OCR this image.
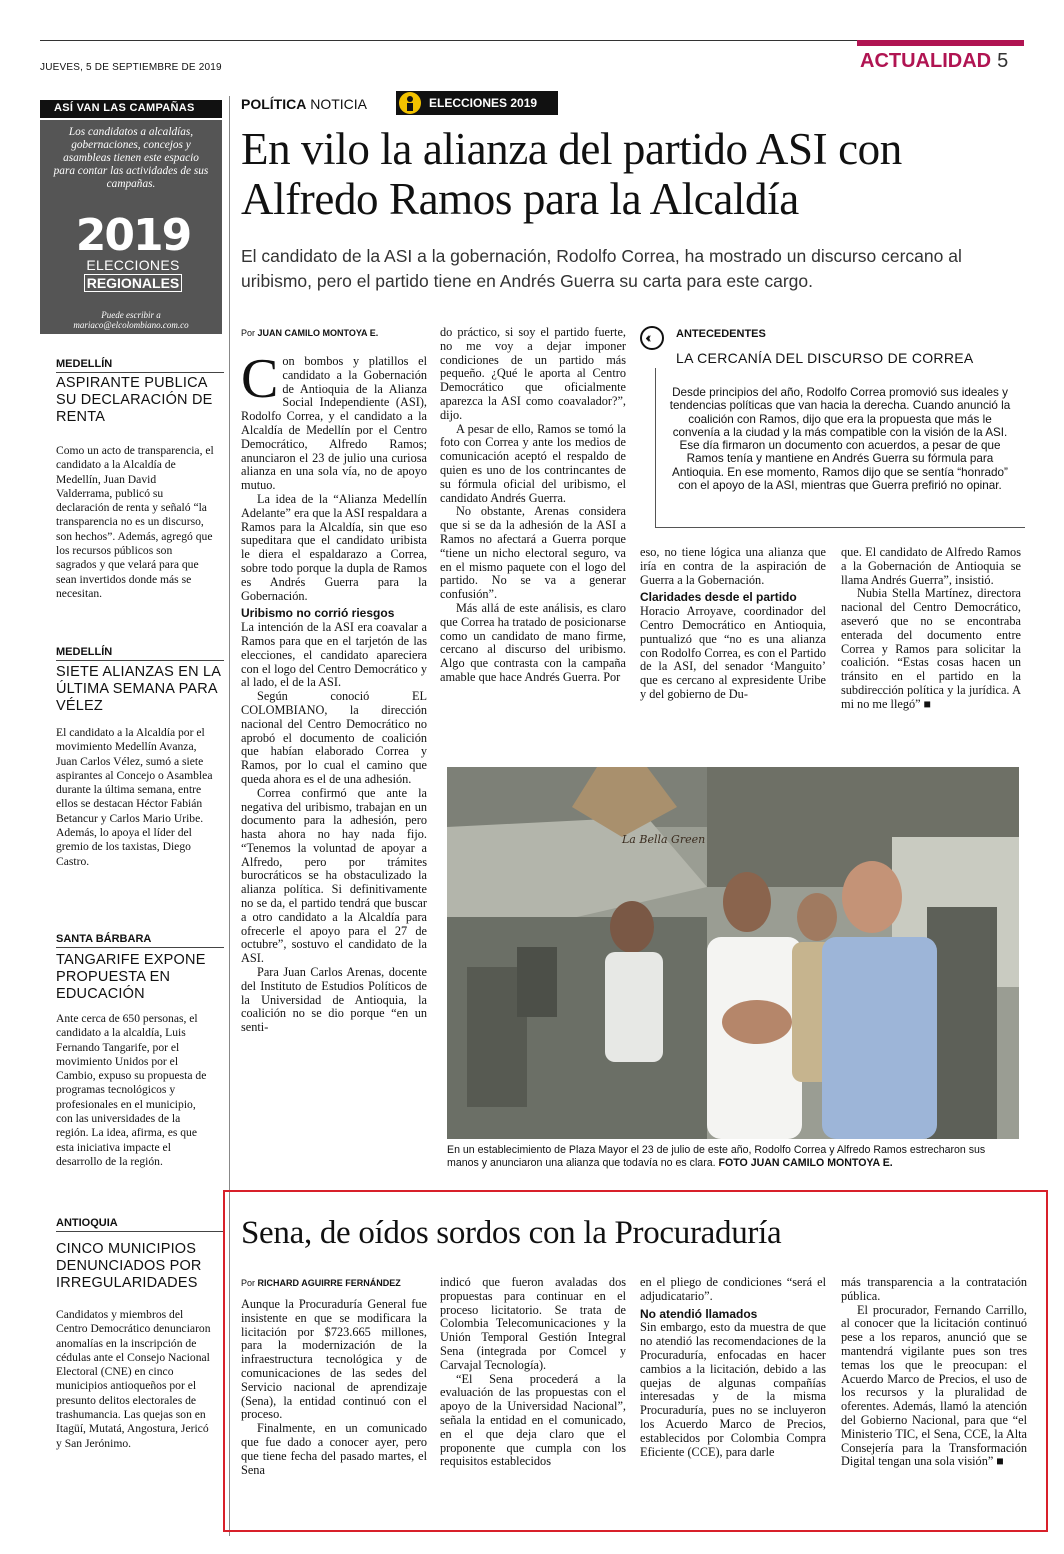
JUEVES, 5 DE SEPTIEMBRE DE 2019	ACTUALIDAD 5
ASÍ VAN LAS CAMPAÑAS
Los candidatos a alcaldías, gobernaciones, concejos y asambleas tienen este espacio para contar las actividades de sus campañas.
2019
ELECCIONES
REGIONALES
Puede escribir a
mariaco@elcolombiano.com.co
MEDELLÍN
ASPIRANTE PUBLICA SU DECLARACIÓN DE RENTA
Como un acto de transparencia, el candidato a la Alcaldía de Medellín, Juan David Valderrama, publicó su declaración de renta y señaló “la transparencia no es un discurso, son hechos”. Además, agregó que los recursos públicos son sagrados y que velará para que sean invertidos donde más se necesitan.
MEDELLÍN
SIETE ALIANZAS EN LA ÚLTIMA SEMANA PARA VÉLEZ
El candidato a la Alcaldía por el movimiento Medellín Avanza, Juan Carlos Vélez, sumó a siete aspirantes al Concejo o Asamblea durante la última semana, entre ellos se destacan Héctor Fabián Betancur y Carlos Mario Uribe. Además, lo apoya el líder del gremio de los taxistas, Diego Castro.
SANTA BÁRBARA
TANGARIFE EXPONE PROPUESTA EN EDUCACIÓN
Ante cerca de 650 personas, el candidato a la alcaldía, Luis Fernando Tangarife, por el movimiento Unidos por el Cambio, expuso su propuesta de programas tecnológicos y profesionales en el municipio, con las universidades de la región. La idea, afirma, es que esta iniciativa impacte el desarrollo de la región.
ANTIOQUIA
CINCO MUNICIPIOS DENUNCIADOS POR IRREGULARIDADES
Candidatos y miembros del Centro Democrático denunciaron anomalías en la inscripción de cédulas ante el Consejo Nacional Electoral (CNE) en cinco municipios antioqueños por el presunto delitos electorales de trashumancia. Las quejas son en Itagüí, Mutatá, Angostura, Jericó y San Jerónimo.
POLÍTICA NOTICIA	ELECCIONES 2019
En vilo la alianza del partido ASI con Alfredo Ramos para la Alcaldía
El candidato de la ASI a la gobernación, Rodolfo Correa, ha mostrado un discurso cercano al uribismo, pero el partido tiene en Andrés Guerra su carta para este cargo.
Por JUAN CAMILO MONTOYA E.

Con bombos y platillos el candidato a la Gobernación de Antioquia de la Alianza Social Independiente (ASI), Rodolfo Correa, y el candidato a la Alcaldía de Medellín por el Centro Democrático, Alfredo Ramos; anunciaron el 23 de julio una curiosa alianza en una sola vía, no de apoyo mutuo.

La idea de la “Alianza Medellín Adelante” era que la ASI respaldara a Ramos para la Alcaldía, sin que eso supeditara que el candidato uribista le diera el espaldarazo a Correa, sobre todo porque la dupla de Ramos es Andrés Guerra para la Gobernación.

Uribismo no corrió riesgos

La intención de la ASI era coavalar a Ramos para que en el tarjetón de las elecciones, el candidato apareciera con el logo del Centro Democrático y al lado, el de la ASI.

Según conoció EL COLOMBIANO, la dirección nacional del Centro Democrático no aprobó el documento de coalición que habían elaborado Correa y Ramos, por lo cual el camino que queda ahora es el de una adhesión.

Correa confirmó que ante la negativa del uribismo, trabajan en un documento para la adhesión, pero hasta ahora no hay nada fijo. “Tenemos la voluntad de apoyar a Alfredo, pero por trámites burocráticos se ha obstaculizado la alianza política. Si definitivamente no se da, el partido tendrá que buscar a otro candidato a la Alcaldía para ofrecerle el apoyo para el 27 de octubre”, sostuvo el candidato de la ASI.

Para Juan Carlos Arenas, docente del Instituto de Estudios Políticos de la Universidad de Antioquia, la coalición no se dio porque “en un senti-

do práctico, si soy el partido fuerte, no me voy a dejar imponer condiciones de un partido más pequeño. ¿Qué le aporta al Centro Democrático que oficialmente aparezca la ASI como coavalador?”, dijo.

A pesar de ello, Ramos se tomó la foto con Correa y ante los medios de comunicación aceptó el respaldo de quien es uno de los contrincantes de su fórmula oficial del uribismo, el candidato Andrés Guerra.

No obstante, Arenas considera que si se da la adhesión de la ASI a Ramos no afectará a Guerra porque “tiene un nicho electoral seguro, va en el mismo paquete con el logo del partido. No se va a generar confusión”.

Más allá de este análisis, es claro que Correa ha tratado de posicionarse como un candidato de mano firme, cercano al discurso del uribismo. Algo que contrasta con la campaña amable que hace Andrés Guerra. Por

eso, no tiene lógica una alianza que iría en contra de la aspiración de Guerra a la Gobernación.

Claridades desde el partido

Horacio Arroyave, coordinador del Centro Democrático en Antioquia, puntualizó que “no es una alianza con Rodolfo Correa, es con el Partido de la ASI, del senador ‘Manguito’ que es cercano al expresidente Uribe y del gobierno de Du-

que. El candidato de Alfredo Ramos a la Gobernación de Antioquia se llama Andrés Guerra”, insistió.

Nubia Stella Martínez, directora nacional del Centro Democrático, aseveró que no se encontraba enterada del documento entre Correa y Ramos para solicitar la coalición. “Estas cosas hacen un tránsito en el partido en la subdirección política y la jurídica. A mi no me llegó” ■

‹‹	ANTECEDENTES
LA CERCANÍA DEL DISCURSO DE CORREA
Desde principios del año, Rodolfo Correa promovió sus ideales y tendencias políticas que van hacia la derecha. Cuando anunció la coalición con Ramos, dijo que era la propuesta que más le convenía a la ciudad y la más compatible con la visión de la ASI. Ese día firmaron un documento con acuerdos, a pesar de que Ramos tenía y mantiene en Andrés Guerra su fórmula para Antioquia. En ese momento, Ramos dijo que se sentía “honrado” con el apoyo de la ASI, mientras que Guerra prefirió no opinar.
La Bella Green
En un establecimiento de Plaza Mayor el 23 de julio de este año, Rodolfo Correa y Alfredo Ramos estrecharon sus manos y anunciaron una alianza que todavía no es clara. FOTO JUAN CAMILO MONTOYA E.
Sena, de oídos sordos con la Procuraduría
Por RICHARD AGUIRRE FERNÁNDEZ

Aunque la Procuraduría General fue insistente en que se modificara la licitación por $723.665 millones, para la modernización de la infraestructura tecnológica y de comunicaciones de las sedes del Servicio nacional de aprendizaje (Sena), la entidad continuó con el proceso.

Finalmente, en un comunicado que fue dado a conocer ayer, pero que tiene fecha del pasado martes, el Sena

indicó que fueron avaladas dos propuestas para continuar en el proceso licitatorio. Se trata de Colombia Telecomunicaciones y la Unión Temporal Gestión Integral Sena (integrada por Comcel y Carvajal Tecnología).

“El Sena procederá a la evaluación de las propuestas con el apoyo de la Universidad Nacional”, señala la entidad en el comunicado, en el que deja claro que el proponente que cumpla con los requisitos establecidos

en el pliego de condiciones “será el adjudicatario”.

No atendió llamados

Sin embargo, esto da muestra de que no atendió las recomendaciones de la Procuraduría, enfocadas en hacer cambios a la licitación, debido a las quejas de algunas compañías interesadas y de la misma Procuraduría, pues no se incluyeron los Acuerdo Marco de Precios, establecidos por Colombia Compra Eficiente (CCE), para darle

más transparencia a la contratación pública.

El procurador, Fernando Carrillo, al conocer que la licitación continuó pese a los reparos, anunció que se mantendrá vigilante pues son tres temas los que le preocupan: el Acuerdo Marco de Precios, el uso de los recursos y la pluralidad de oferentes. Además, llamó la atención del Gobierno Nacional, para que “el Ministerio TIC, el Sena, CCE, la Alta Consejería para la Transformación Digital tengan una sola visión” ■
